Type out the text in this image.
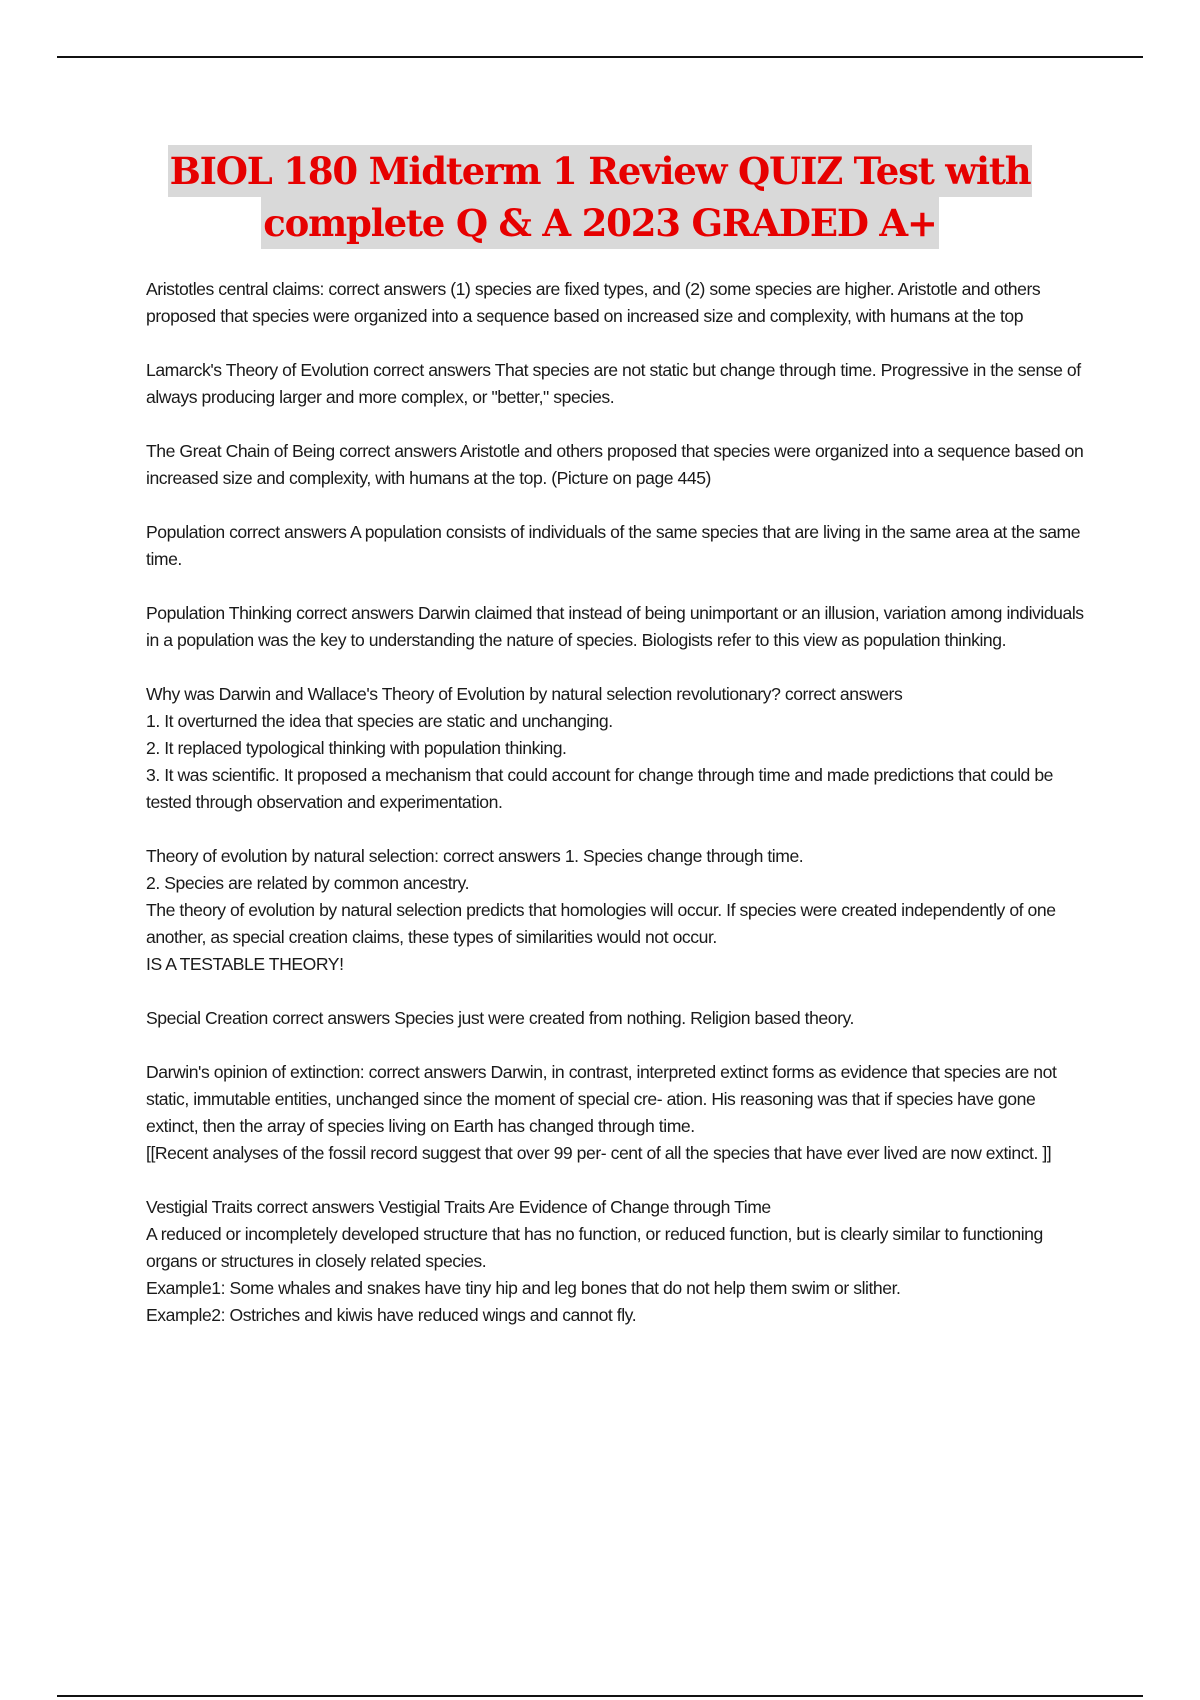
BIOL 180 Midterm 1 Review QUIZ Test with
complete Q & A 2023 GRADED A+

Aristotles central claims: correct answers (1) species are fixed types, and (2) some species are higher. Aristotle and others proposed that species were organized into a sequence based on increased size and complexity, with humans at the top

Lamarck's Theory of Evolution correct answers That species are not static but change through time. Progressive in the sense of always producing larger and more complex, or "better," species.

The Great Chain of Being correct answers Aristotle and others proposed that species were organized into a sequence based on increased size and complexity, with humans at the top. (Picture on page 445)

Population correct answers A population consists of individuals of the same species that are living in the same area at the same time.

Population Thinking correct answers Darwin claimed that instead of being unimportant or an illusion, variation among individuals in a population was the key to understanding the nature of species. Biologists refer to this view as population thinking.

Why was Darwin and Wallace's Theory of Evolution by natural selection revolutionary? correct answers
1. It overturned the idea that species are static and unchanging.
2. It replaced typological thinking with population thinking.
3. It was scientific. It proposed a mechanism that could account for change through time and made predictions that could be tested through observation and experimentation.

Theory of evolution by natural selection: correct answers 1. Species change through time.
2. Species are related by common ancestry.
The theory of evolution by natural selection predicts that homologies will occur. If species were created independently of one another, as special creation claims, these types of similarities would not occur.
IS A TESTABLE THEORY!

Special Creation correct answers Species just were created from nothing. Religion based theory.

Darwin's opinion of extinction: correct answers Darwin, in contrast, interpreted extinct forms as evidence that species are not static, immutable entities, unchanged since the moment of special cre- ation. His reasoning was that if species have gone extinct, then the array of species living on Earth has changed through time.
[[Recent analyses of the fossil record suggest that over 99 per- cent of all the species that have ever lived are now extinct. ]]

Vestigial Traits correct answers Vestigial Traits Are Evidence of Change through Time
A reduced or incompletely developed structure that has no function, or reduced function, but is clearly similar to functioning organs or structures in closely related species.
Example1: Some whales and snakes have tiny hip and leg bones that do not help them swim or slither.
Example2: Ostriches and kiwis have reduced wings and cannot fly.
